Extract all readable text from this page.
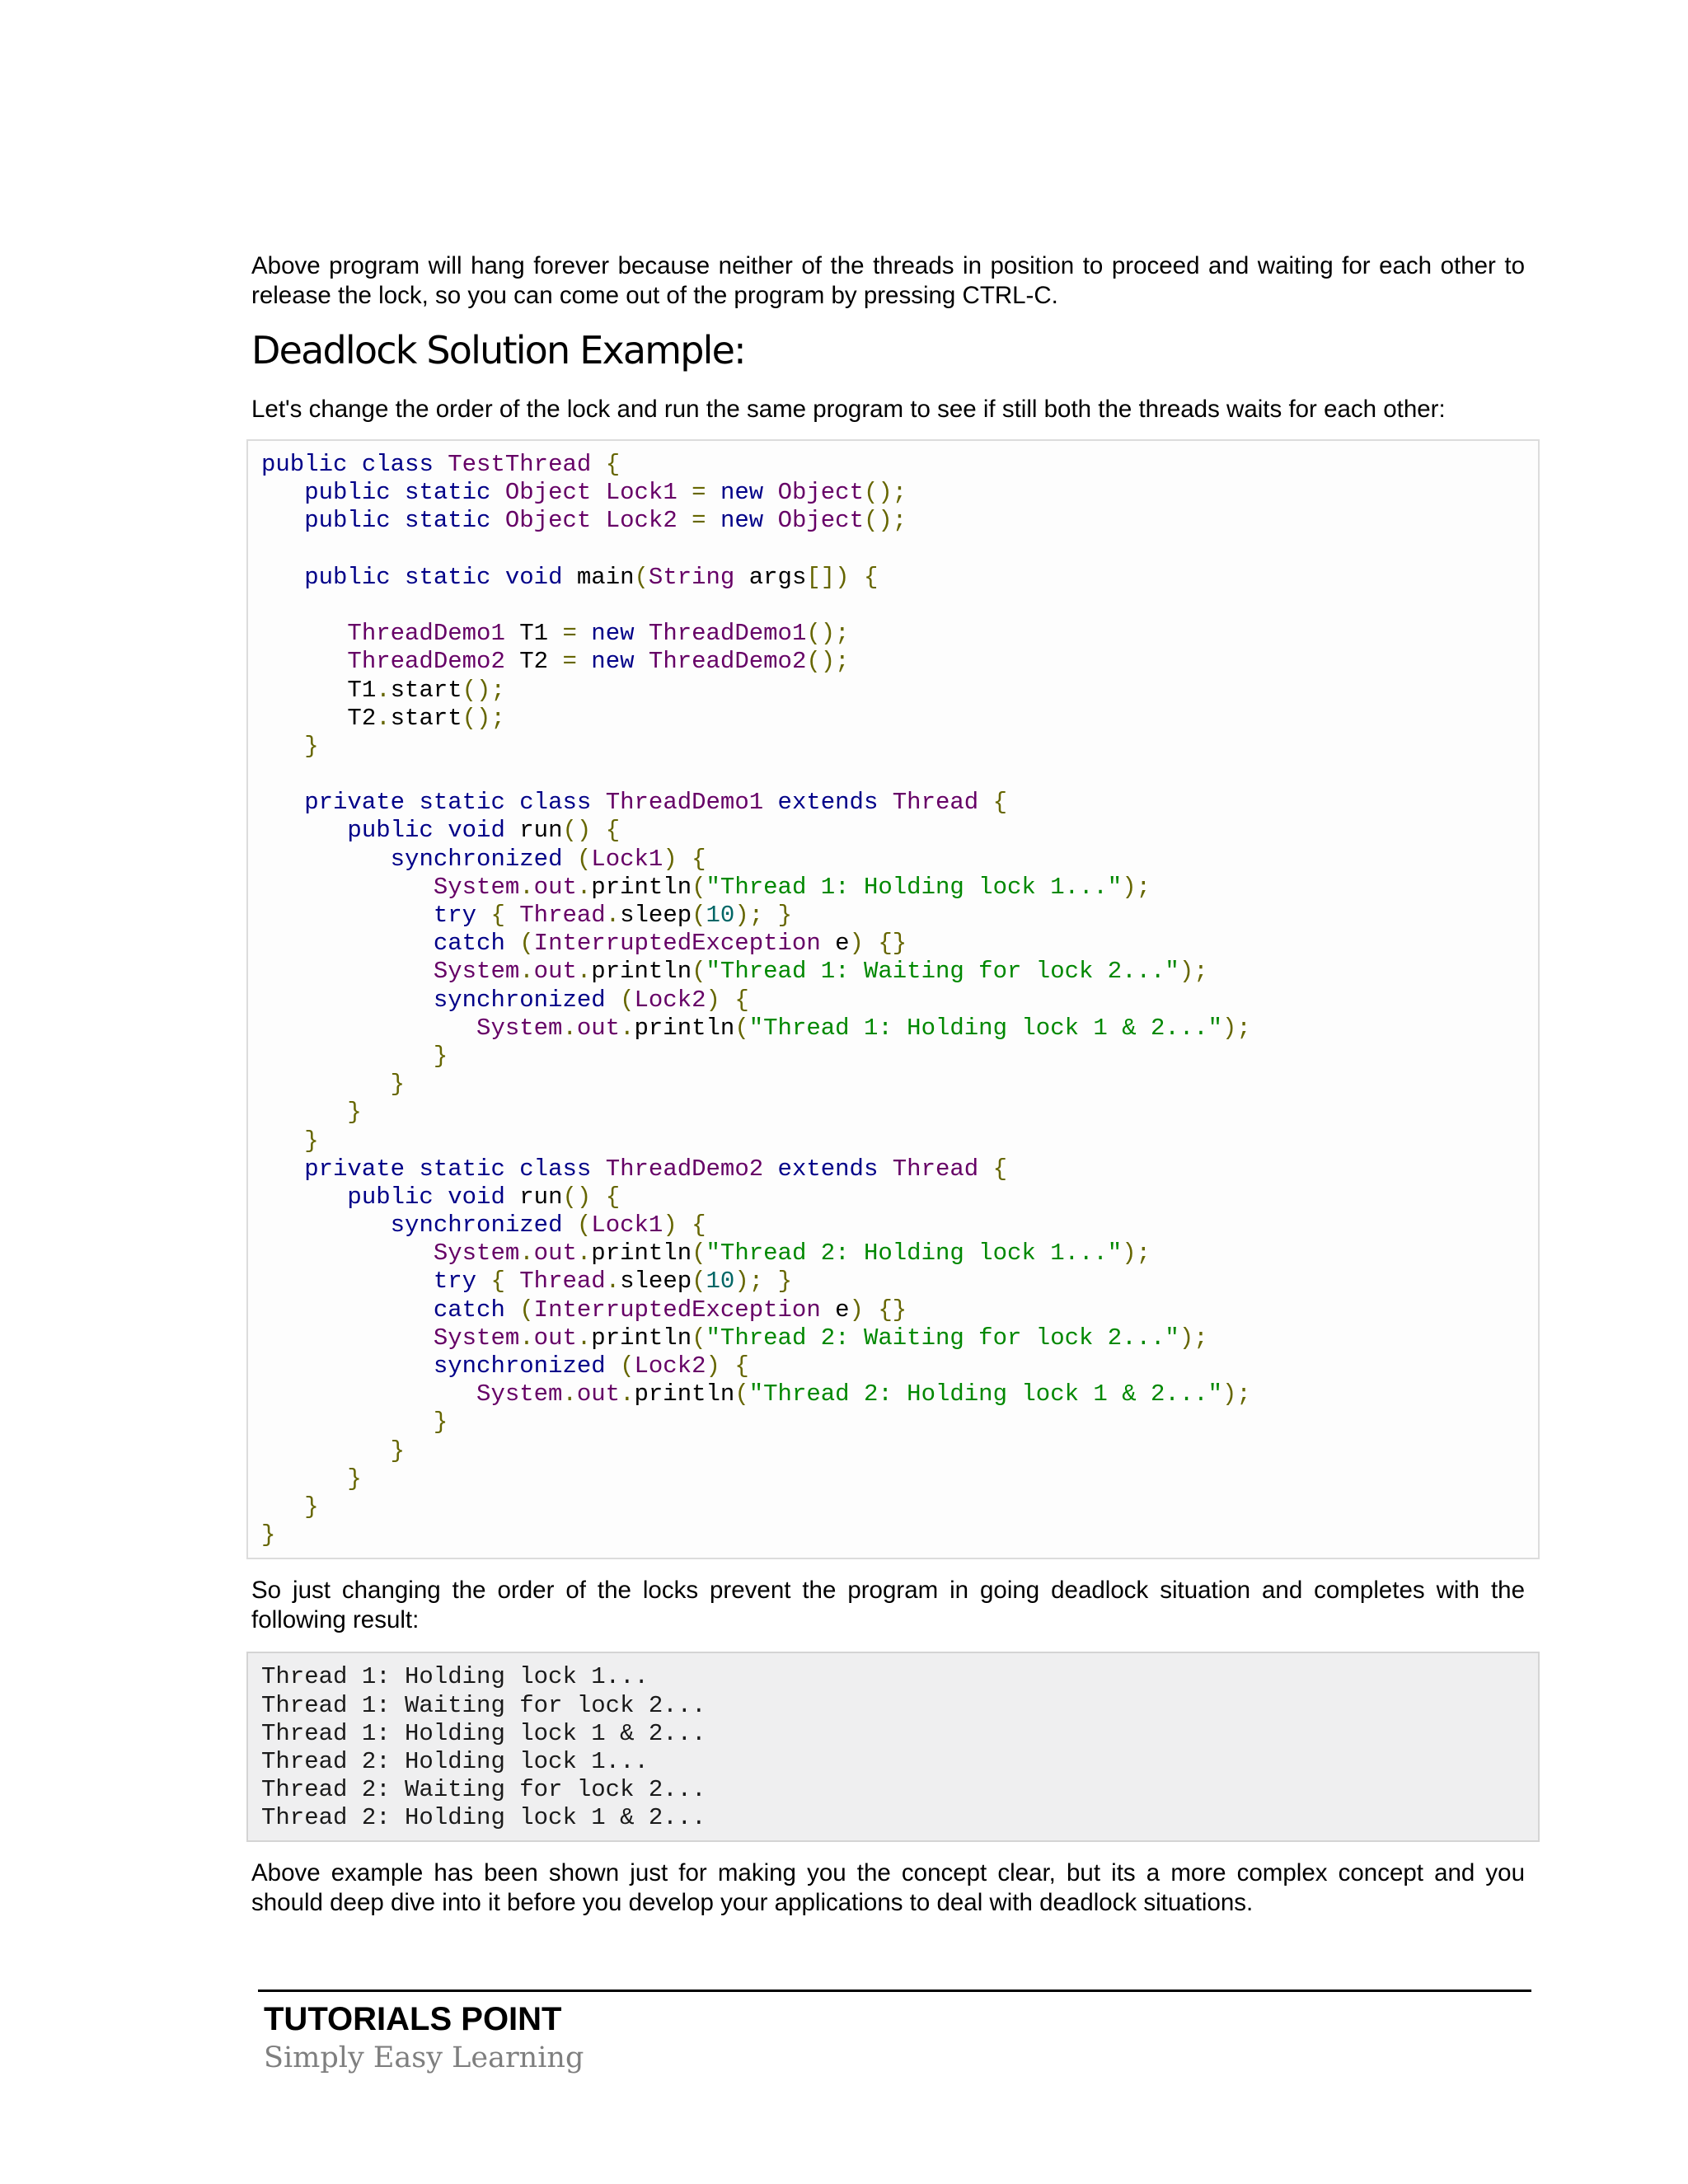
Above program will hang forever because neither of the threads in position to proceed and waiting for each other to release the lock, so you can come out of the program by pressing CTRL-C.

Deadlock Solution Example:

Let's change the order of the lock and run the same program to see if still both the threads waits for each other:

public class TestThread {
public static Object Lock1 = new Object();
public static Object Lock2 = new Object();

public static void main(String args[]) {

ThreadDemo1 T1 = new ThreadDemo1();
ThreadDemo2 T2 = new ThreadDemo2();
T1.start();
T2.start();
}

private static class ThreadDemo1 extends Thread {
public void run() {
synchronized (Lock1) {
System.out.println("Thread 1: Holding lock 1...");
try { Thread.sleep(10); }
catch (InterruptedException e) {}
System.out.println("Thread 1: Waiting for lock 2...");
synchronized (Lock2) {
System.out.println("Thread 1: Holding lock 1 & 2...");
}
}
}
}
private static class ThreadDemo2 extends Thread {
public void run() {
synchronized (Lock1) {
System.out.println("Thread 2: Holding lock 1...");
try { Thread.sleep(10); }
catch (InterruptedException e) {}
System.out.println("Thread 2: Waiting for lock 2...");
synchronized (Lock2) {
System.out.println("Thread 2: Holding lock 1 & 2...");
}
}
}
}
}

So just changing the order of the locks prevent the program in going deadlock situation and completes with the following result:

Thread 1: Holding lock 1...
Thread 1: Waiting for lock 2...
Thread 1: Holding lock 1 & 2...
Thread 2: Holding lock 1...
Thread 2: Waiting for lock 2...
Thread 2: Holding lock 1 & 2...

Above example has been shown just for making you the concept clear, but its a more complex concept and you should deep dive into it before you develop your applications to deal with deadlock situations.

TUTORIALS POINT
Simply Easy Learning
